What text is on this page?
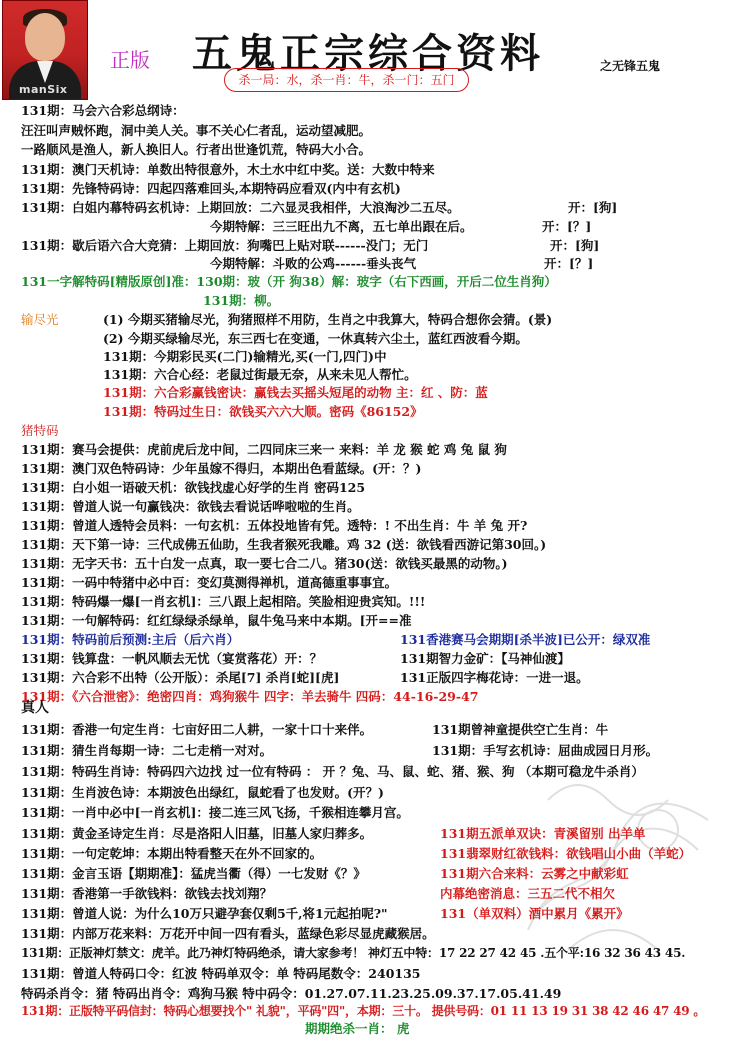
manSix
正版 五鬼正宗综合资料	之无锋五鬼
杀一局：水，杀一肖：牛，杀一门：五门
131期：马会六合彩总纲诗：
汪汪叫声贼怀跑，洞中美人关。事不关心仁者乱，运动望减肥。
一路顺风是渔人，新人换旧人。行者出世逢饥荒，特码大小合。
131期：澳门天机诗：单数出特很意外，木土水中红中奖。送：大数中特来
131期：先锋特码诗：四起四落难回头,本期特码应看双(内中有玄机)
131期：白姐内幕特码玄机诗：上期回放：二六显灵我相伴，大浪淘沙二五尽。	开：[狗]
今期特解：三三旺出九不离，五七单出跟在后。	开：[？]
131期：歇后语六合大竞猜：上期回放：狗嘴巴上贴对联------没门；无门	开：[狗]
今期特解：斗败的公鸡------垂头丧气	开：[？]
131一字解特码[精版原创]准：130期：玻（开 狗38）解：玻字（右下西画，开后二位生肖狗）
131期：柳。
输尽光	(1) 今期买猪输尽光，狗猪照样不用防，生肖之中我算大，特码合想你会猜。(景)
(2) 今期买绿输尽光，东三西七在变通，一休真转六尘土，蓝红西波看今期。
131期：今期彩民买(二门)输精光,买(一门,四门)中
131期：六合心经：老鼠过街最无奈，从来未见人帮忙。
131期：六合彩赢钱密诀：赢钱去买摇头短尾的动物 主：红 、防：蓝
131期：特码过生日：欲钱买六六大顺。密码《86152》
猪特码
131期：赛马会提供：虎前虎后龙中间，二四同床三来一 来料：羊 龙 猴 蛇 鸡 兔 鼠 狗
131期：澳门双色特码诗：少年虽嫁不得归，本期出色看蓝绿。(开：？)
131期：白小姐一语破天机：欲钱找虚心好学的生肖 密码125
131期：曾道人说一句赢钱决：欲钱去看说话哗啦啦的生肖。
131期：曾道人透特会员料：一句玄机：五体投地皆有凭。透特：! 不出生肖：牛 羊 兔 开?
131期：天下第一诗：三代成佛五仙助，生我者猴死我雕。鸡 32 (送：欲钱看西游记第30回。)
131期：无字天书：五十白发一点真，取一要七合二八。猪30(送：欲钱买最黑的动物。)
131期：一码中特猪中必中百：变幻莫测得禅机，道高德重事事宜。
131期：特码爆一爆[一肖玄机]：三八跟上起相陪。笑脸相迎贵宾知。!!!
131期：一句解特码：红红绿绿杀绿单，鼠牛兔马来中本期。[开==准
131期：特码前后预测:主后（后六肖）	131香港赛马会期期[杀半波]已公开：绿双准
131期：钱算盘：一帆风顺去无忧（宴赏落花）开：？	131期智力金矿：【马神仙渡】
131期：六合彩不出特（公开版）：杀尾[7] 杀肖[蛇][虎]	131正版四字梅花诗：一进一退。
131期：《六合泄密》：绝密四肖：鸡狗猴牛 四字：羊去骑牛 四码：44-16-29-47
真人
131期：香港一句定生肖：七亩好田二人耕，一家十口十来伴。	131期曾神童提供空亡生肖：牛
131期：猜生肖每期一诗：二七走梢一对对。	131期：手写玄机诗：屈曲成园日月形。
131期：特码生肖诗：特码四六边找 过一位有特码 ： 开 ？兔、马、鼠、蛇、猪、猴、狗 （本期可稳龙牛杀肖）
131期：生肖波色诗：本期波色出绿红，鼠蛇看了也发财。(开？)
131期：一肖中必中[一肖玄机]：接二连三风飞扬，千猴相连攀月宫。
131期：黄金圣诗定生肖：尽是洛阳人旧墓，旧墓人家归葬多。	131期五派单双诀：青溪留别 出羊单
131期：一句定乾坤：本期出特看整天在外不回家的。	131翡翠财红欲钱料：欲钱唱山小曲（羊蛇）
131期：金言玉语【期期准】：猛虎当衢（得）一七发财《？》	131期六合来料：云雾之中献彩虹
131期：香港第一手欲钱料：欲钱去找刘翔？	内幕绝密消息：三五二代不相欠
131期：曾道人说：为什么10万只避孕套仅剩5千,将1元起拍呢?"	131（单双料）酒中累月《累开》
131期：内部万花来料：万花开中间一四有看头，蓝绿色彩尽显虎藏猴居。
131期：正版神灯禁文：虎羊。此乃神灯特码绝杀，请大家参考！ 神灯五中特：17 22 27 42 45 .五个平:16 32 36 43 45.
131期：曾道人特码口令：红波 特码单双令：单 特码尾数令：240135
特码杀肖令：猪 特码出肖令：鸡狗马猴 特中码令：01.27.07.11.23.25.09.37.17.05.41.49
131期：正版特平码信封：特码心想要找个" 礼貌"，平码"四"，本期：三十。 提供号码：01 11 13 19 31 38 42 46 47 49 。
期期绝杀一肖： 虎
